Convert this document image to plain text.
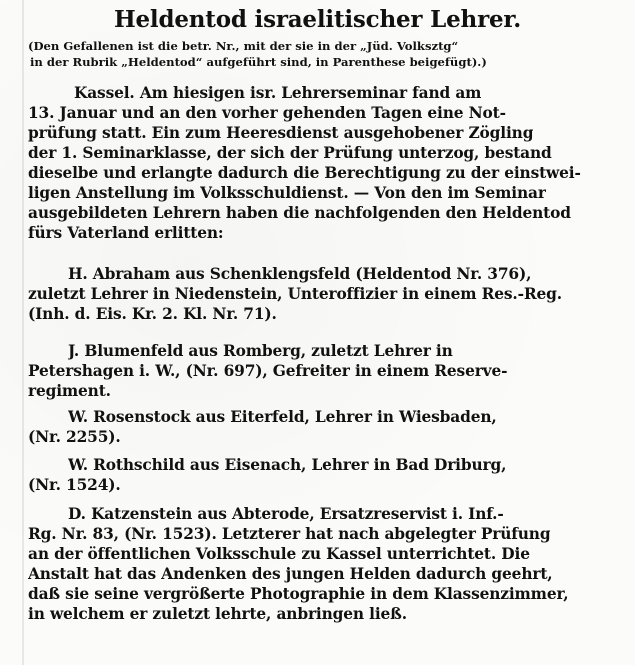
Heldentod israelitischer Lehrer.
(Den Gefallenen ist die betr. Nr., mit der sie in der „Jüd. Volksztg“
in der Rubrik „Heldentod“ aufgeführt sind, in Parenthese beigefügt).)
Kassel. Am hiesigen isr. Lehrerseminar fand am
13. Januar und an den vorher gehenden Tagen eine Not-
prüfung statt. Ein zum Heeresdienst ausgehobener Zögling
der 1. Seminarklasse, der sich der Prüfung unterzog, bestand
dieselbe und erlangte dadurch die Berechtigung zu der einstwei-
ligen Anstellung im Volksschuldienst. — Von den im Seminar
ausgebildeten Lehrern haben die nachfolgenden den Heldentod
fürs Vaterland erlitten:
H. Abraham aus Schenklengsfeld (Heldentod Nr. 376),
zuletzt Lehrer in Niedenstein, Unteroffizier in einem Res.-Reg.
(Inh. d. Eis. Kr. 2. Kl. Nr. 71).
J. Blumenfeld aus Romberg, zuletzt Lehrer in
Petershagen i. W., (Nr. 697), Gefreiter in einem Reserve-
regiment.
W. Rosenstock aus Eiterfeld, Lehrer in Wiesbaden,
(Nr. 2255).
W. Rothschild aus Eisenach, Lehrer in Bad Driburg,
(Nr. 1524).
D. Katzenstein aus Abterode, Ersatzreservist i. Inf.-
Rg. Nr. 83, (Nr. 1523). Letzterer hat nach abgelegter Prüfung
an der öffentlichen Volksschule zu Kassel unterrichtet. Die
Anstalt hat das Andenken des jungen Helden dadurch geehrt,
daß sie seine vergrößerte Photographie in dem Klassenzimmer,
in welchem er zuletzt lehrte, anbringen ließ.
